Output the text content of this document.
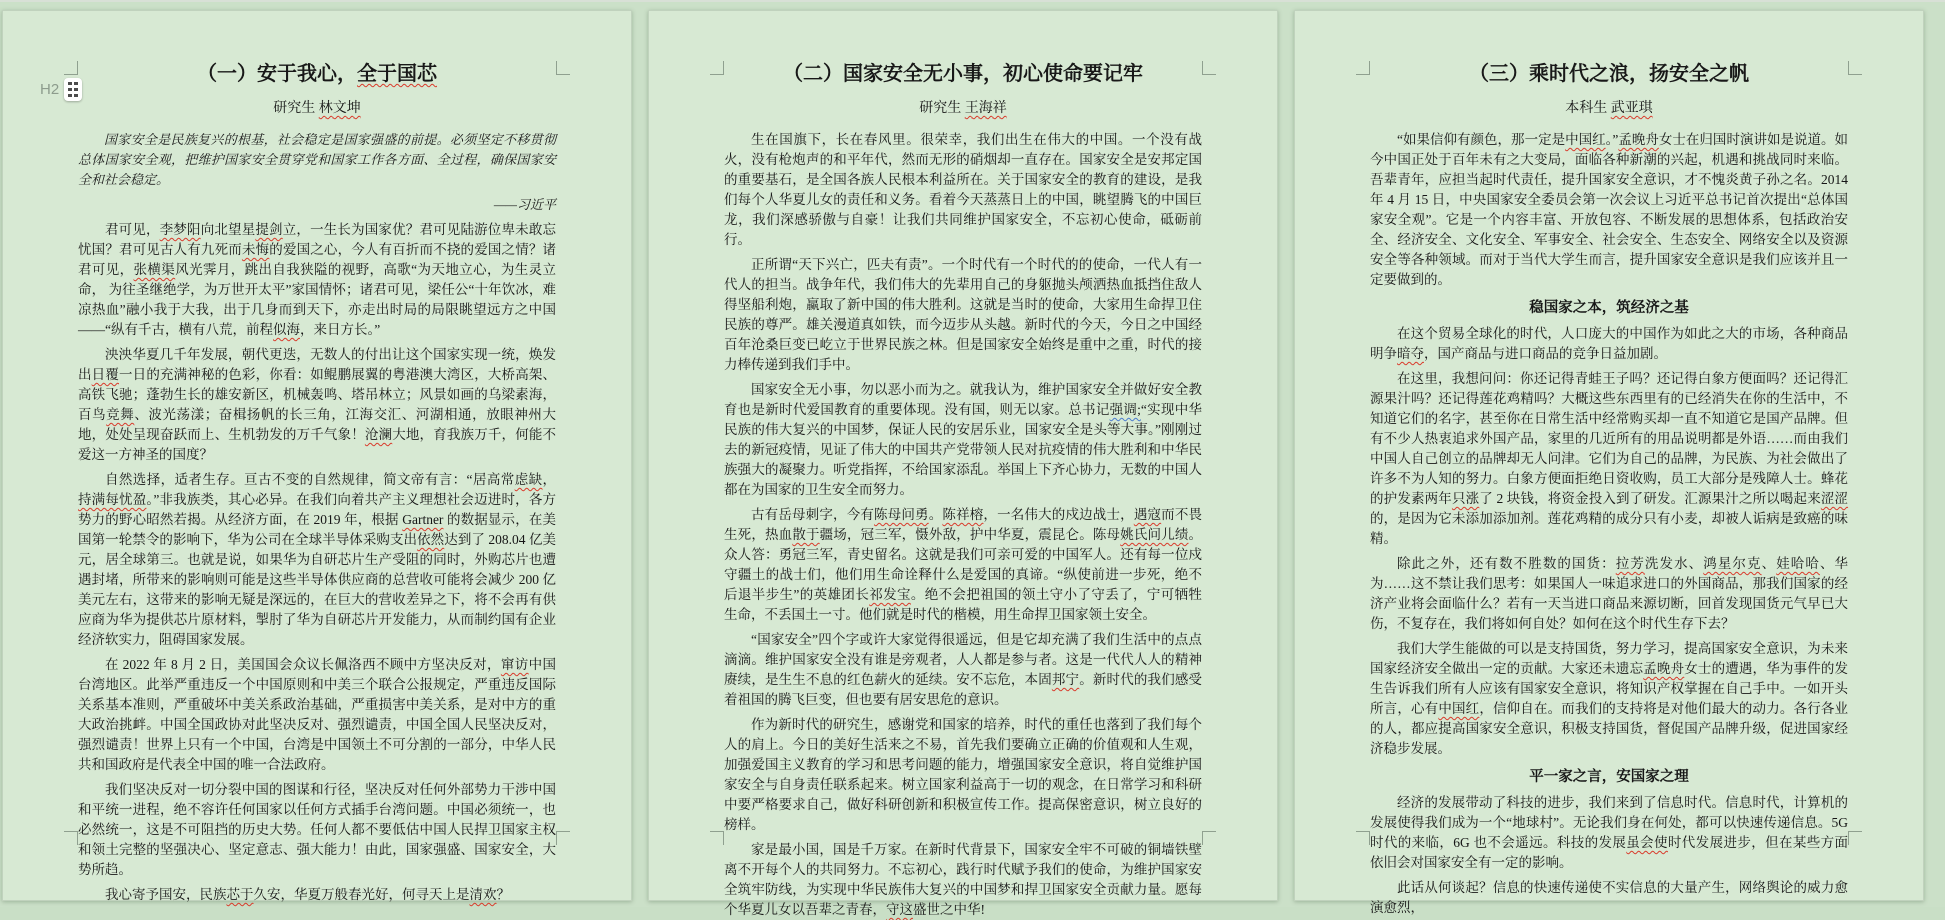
H2
（一）安于我心，全于国芯
研究生 林文坤
国家安全是民族复兴的根基，社会稳定是国家强盛的前提。必须坚定不移贯彻总体国家安全观，把维护国家安全贯穿党和国家工作各方面、全过程，确保国家安全和社会稳定。
——习近平
君可见，李梦阳向北望星提剑立，一生长为国家优？君可见陆游位卑未敢忘忧国？君可见古人有九死而未悔的爱国之心，今人有百折而不挠的爱国之情？诸君可见，张横渠风光霁月，跳出自我狭隘的视野，高歌“为天地立心，为生灵立命， 为往圣继绝学，为万世开太平”家国情怀；诸君可见，梁任公“十年饮冰，难凉热血”融小我于大我，出于几身而到天下，亦走出时局的局限眺望远方之中国——“纵有千古，横有八荒，前程似海，来日方长。”
泱泱华夏几千年发展，朝代更迭，无数人的付出让这个国家实现一统，焕发出日覆一日的充满神秘的色彩，你看：如鲲鹏展翼的粤港澳大湾区，大桥高架、高铁飞驰；蓬勃生长的雄安新区，机械轰鸣、塔吊林立；风景如画的乌梁素海，百鸟竞舞、波光荡漾；奋楫扬帆的长三角，江海交汇、河湖相通，放眼神州大地，处处呈现奋跃而上、生机勃发的万千气象！沧澜大地，育我族万千，何能不爱这一方神圣的国度？
自然选择，适者生存。亘古不变的自然规律，简文帝有言：“居高常虑缺，持满每忧盈。”非我族类，其心必异。在我们向着共产主义理想社会迈进时，各方势力的野心昭然若揭。从经济方面，在 2019 年，根据 Gartner 的数据显示，在美国第一轮禁令的影响下，华为公司在全球半导体采购支出依然达到了 208.04 亿美元，居全球第三。也就是说，如果华为自研芯片生产受阻的同时，外购芯片也遭遇封堵，所带来的影响则可能是这些半导体供应商的总营收可能将会减少 200 亿美元左右，这带来的影响无疑是深远的，在巨大的营收差异之下，将不会再有供应商为华为提供芯片原材料，掣肘了华为自研芯片开发能力，从而制约国有企业经济软实力，阻碍国家发展。
在 2022 年 8 月 2 日，美国国会众议长佩洛西不顾中方坚决反对，窜访中国台湾地区。此举严重违反一个中国原则和中美三个联合公报规定，严重违反国际关系基本准则，严重破坏中美关系政治基础，严重损害中美关系，是对中方的重大政治挑衅。中国全国政协对此坚决反对、强烈谴责，中国全国人民坚决反对，强烈谴责！世界上只有一个中国，台湾是中国领土不可分割的一部分，中华人民共和国政府是代表全中国的唯一合法政府。
我们坚决反对一切分裂中国的图谋和行径，坚决反对任何外部势力干涉中国和平统一进程，绝不容许任何国家以任何方式插手台湾问题。中国必须统一，也必然统一，这是不可阻挡的历史大势。任何人都不要低估中国人民捍卫国家主权和领土完整的坚强决心、坚定意志、强大能力！由此，国家强盛、国家安全，大势所趋。
我心寄予国安，民族芯于久安，华夏万般春光好，何寻天上是清欢？
（二）国家安全无小事，初心使命要记牢
研究生 王海祥
生在国旗下，长在春风里。很荣幸，我们出生在伟大的中国。一个没有战火，没有枪炮声的和平年代，然而无形的硝烟却一直存在。国家安全是安邦定国的重要基石，是全国各族人民根本利益所在。关于国家安全的教育的建设，是我们每个人华夏儿女的责任和义务。看着今天蒸蒸日上的中国，眺望腾飞的中国巨龙，我们深感骄傲与自豪！让我们共同维护国家安全，不忘初心使命，砥砺前行。
正所谓“天下兴亡，匹夫有责”。一个时代有一个时代的的使命，一代人有一代人的担当。战争年代，我们伟大的先辈用自己的身躯抛头颅洒热血抵挡住敌人得坚船利炮，赢取了新中国的伟大胜利。这就是当时的使命，大家用生命捍卫住民族的尊严。雄关漫道真如铁，而今迈步从头越。新时代的今天，今日之中国经百年沧桑巨变已屹立于世界民族之林。但是国家安全始终是重中之重，时代的接力棒传递到我们手中。
国家安全无小事，勿以恶小而为之。就我认为，维护国家安全并做好安全教育也是新时代爱国教育的重要体现。没有国，则无以家。总书记强调;“实现中华民族的伟大复兴的中国梦，保证人民的安居乐业，国家安全是头等大事。”刚刚过去的新冠疫情，见证了伟大的中国共产党带领人民对抗疫情的伟大胜利和中华民族强大的凝聚力。听党指挥，不给国家添乱。举国上下齐心协力，无数的中国人都在为国家的卫生安全而努力。
古有岳母刺字，今有陈母问勇。陈祥榕，一名伟大的戍边战士，遇寇而不畏生死，热血散于疆场，冠三军，慑外敌，护中华夏，震昆仑。陈母姚氏问儿绩。众人答：勇冠三军，青史留名。这就是我们可亲可爱的中国军人。还有每一位戍守疆土的战士们，他们用生命诠释什么是爱国的真谛。“纵使前进一步死，绝不后退半步生”的英雄团长祁发宝。绝不会把祖国的领土守小了守丢了，宁可牺牲生命，不丢国土一寸。他们就是时代的楷模，用生命捍卫国家领土安全。
“国家安全”四个字或许大家觉得很遥远，但是它却充满了我们生活中的点点滴滴。维护国家安全没有谁是旁观者，人人都是参与者。这是一代代人人的精神赓续，是生生不息的红色薪火的延续。安不忘危，本固邦宁。新时代的我们感受着祖国的腾飞巨变，但也要有居安思危的意识。
作为新时代的研究生，感谢党和国家的培养，时代的重任也落到了我们每个人的肩上。今日的美好生活来之不易，首先我们要确立正确的价值观和人生观，加强爱国主义教育的学习和思考问题的能力，增强国家安全意识，将自觉维护国家安全与自身责任联系起来。树立国家利益高于一切的观念，在日常学习和科研中要严格要求自己，做好科研创新和积极宣传工作。提高保密意识，树立良好的榜样。
家是最小国，国是千万家。在新时代背景下，国家安全牢不可破的铜墙铁壁离不开每个人的共同努力。不忘初心，践行时代赋予我们的使命，为维护国家安全筑牢防线，为实现中华民族伟大复兴的中国梦和捍卫国家安全贡献力量。愿每个华夏儿女以吾辈之青春，守这盛世之中华!
（三）乘时代之浪，扬安全之帆
本科生 武亚琪
“如果信仰有颜色，那一定是中国红。”孟晚舟女士在归国时演讲如是说道。如今中国正处于百年未有之大变局，面临各种新潮的兴起，机遇和挑战同时来临。吾辈青年，应担当起时代责任，提升国家安全意识，才不愧炎黄子孙之名。2014 年 4 月 15 日，中央国家安全委员会第一次会议上习近平总书记首次提出“总体国家安全观”。它是一个内容丰富、开放包容、不断发展的思想体系，包括政治安全、经济安全、文化安全、军事安全、社会安全、生态安全、网络安全以及资源安全等各种领域。而对于当代大学生而言，提升国家安全意识是我们应该并且一定要做到的。
稳国家之本，筑经济之基
在这个贸易全球化的时代，人口庞大的中国作为如此之大的市场，各种商品明争暗夺，国产商品与进口商品的竞争日益加剧。
在这里，我想问问：你还记得青蛙王子吗？还记得白象方便面吗？还记得汇源果汁吗？还记得莲花鸡精吗？大概这些东西里有的已经消失在你的生活中，不知道它们的名字，甚至你在日常生活中经常购买却一直不知道它是国产品牌。但有不少人热衷追求外国产品，家里的几近所有的用品说明都是外语……而由我们中国人自己创立的品牌却无人问津。它们为自己的品牌，为民族、为社会做出了许多不为人知的努力。白象方便面拒绝日资收购，员工大部分是残障人士。蜂花的护发素两年只涨了 2 块钱，将资金投入到了研发。汇源果汁之所以喝起来涩涩的，是因为它未添加添加剂。莲花鸡精的成分只有小麦，却被人诟病是致癌的味精。
除此之外，还有数不胜数的国货：拉芳洗发水、鸿星尔克、娃哈哈、华为……这不禁让我们思考：如果国人一味追求进口的外国商品，那我们国家的经济产业将会面临什么？若有一天当进口商品来源切断，回首发现国货元气早已大伤，不复存在，我们将如何自处？如何在这个时代生存下去？
我们大学生能做的可以是支持国货，努力学习，提高国家安全意识，为未来国家经济安全做出一定的贡献。大家还未遗忘孟晚舟女士的遭遇，华为事件的发生告诉我们所有人应该有国家安全意识，将知识产权掌握在自己手中。一如开头所言，心有中国红，信仰自在。而我们的支持将是对他们最大的动力。各行各业的人，都应提高国家安全意识，积极支持国货，督促国产品牌升级，促进国家经济稳步发展。
平一家之言，安国家之理
经济的发展带动了科技的进步，我们来到了信息时代。信息时代，计算机的发展使得我们成为一个“地球村”。无论我们身在何处，都可以快速传递信息。5G 时代的来临，6G 也不会遥远。科技的发展虽会使时代发展进步，但在某些方面依旧会对国家安全有一定的影响。
此话从何谈起？信息的快速传递使不实信息的大量产生，网络舆论的威力愈演愈烈，
